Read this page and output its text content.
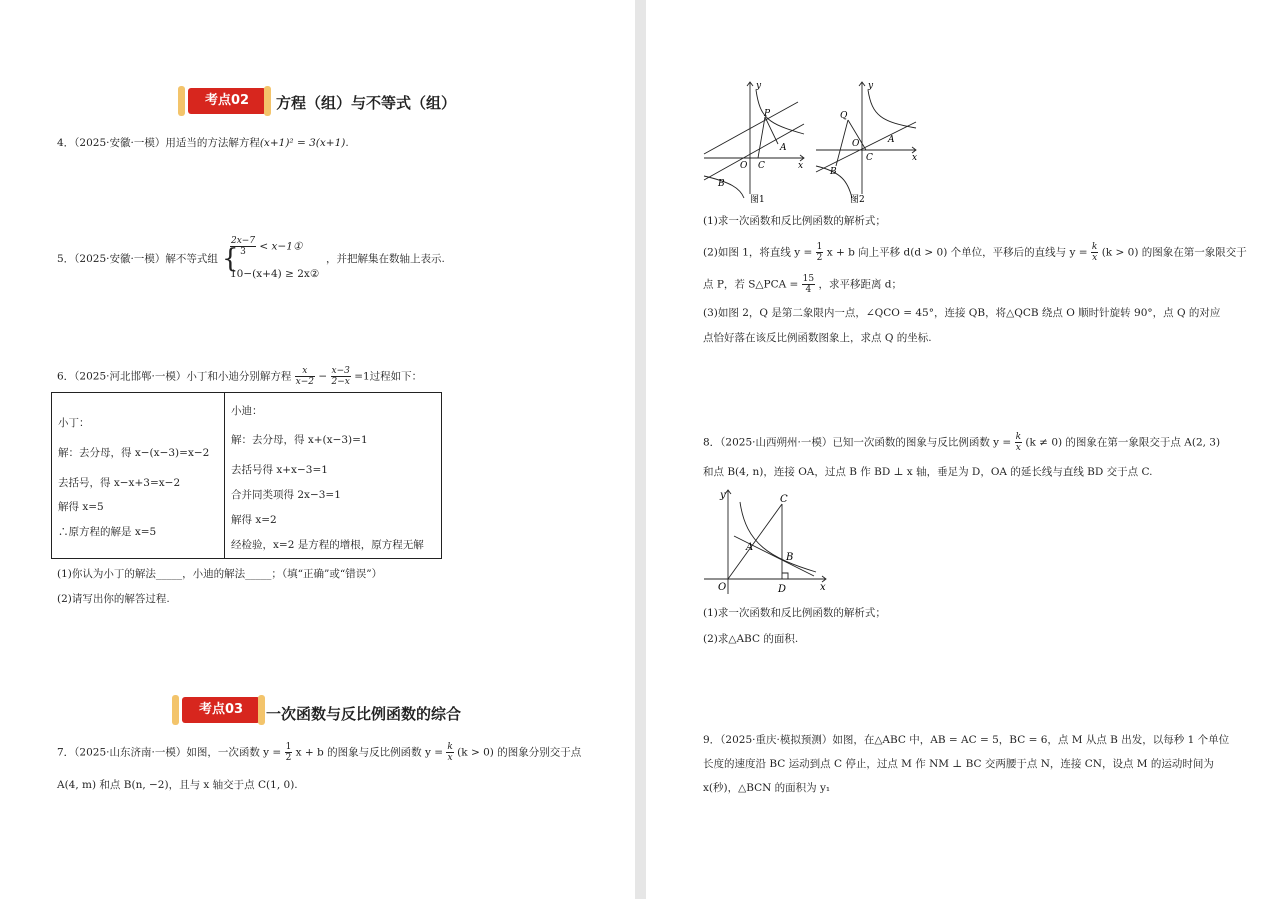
考点02	方程（组）与不等式（组）
4．（2025·安徽·一模）用适当的方法解方程(x+1)² = 3(x+1).
5．（2025·安徽·一模）解不等式组 {
$\frac{2x-7}{3}$ < x−1①
10−(x+4) ≥ 2x②
，并把解集在数轴上表示.
6．（2025·河北邯郸·一模）小丁和小迪分别解方程 $\frac{x}{x-2} - \frac{x-3}{2-x} =1$过程如下：
小丁：
解：去分母，得 x−(x−3)=x−2
去括号，得 x−x+3=x−2
解得 x=5
∴原方程的解是 x=5

小迪：
解：去分母，得 x+(x−3)=1
去括号得 x+x−3=1
合并同类项得 2x−3=1
解得 x=2
经检验，x=2 是方程的增根，原方程无解
(1)你认为小丁的解法_____，小迪的解法_____；（填“正确”或“错误”）
(2)请写出你的解答过程.
考点03	一次函数与反比例函数的综合
7．（2025·山东济南·一模）如图，一次函数 $y = \frac{1}{2}$ x + b 的图象与反比例函数 $y = \frac{k}{x} (k > 0)$ 的图象分别交于点
A(4, m) 和点 B(n, −2)，且与 x 轴交于点 C(1, 0).
y
x
O C
A
B
P
图1
y
x
O
C
A
B
Q
图2
(1)求一次函数和反比例函数的解析式；
(2)如图 1，将直线 $y = \frac{1}{2}$ x + b 向上平移 d(d > 0) 个单位，平移后的直线与 $y = \frac{k}{x} (k > 0)$ 的图象在第一象限交于
点 P，若 S△PCA = $\frac{15}{4}$ ，求平移距离 d；
(3)如图 2，Q 是第二象限内一点，∠QCO = 45°，连接 QB，将△QCB 绕点 O 顺时针旋转 90°，点 Q 的对应
点恰好落在该反比例函数图象上，求点 Q 的坐标.
8．（2025·山西朔州·一模）已知一次函数的图象与反比例函数 $y = \frac{k}{x} (k \ne 0)$ 的图象在第一象限交于点 A(2, 3)
和点 B(4, n)，连接 OA，过点 B 作 BD ⊥ x 轴，垂足为 D，OA 的延长线与直线 BD 交于点 C.
y
x
O
A
B
C
D
(1)求一次函数和反比例函数的解析式；
(2)求△ABC 的面积.
9．（2025·重庆·模拟预测）如图，在△ABC 中，AB = AC = 5，BC = 6，点 M 从点 B 出发，以每秒 1 个单位
长度的速度沿 BC 运动到点 C 停止，过点 M 作 NM ⊥ BC 交两腰于点 N，连接 CN，设点 M 的运动时间为
x(秒)，△BCN 的面积为 y₁
